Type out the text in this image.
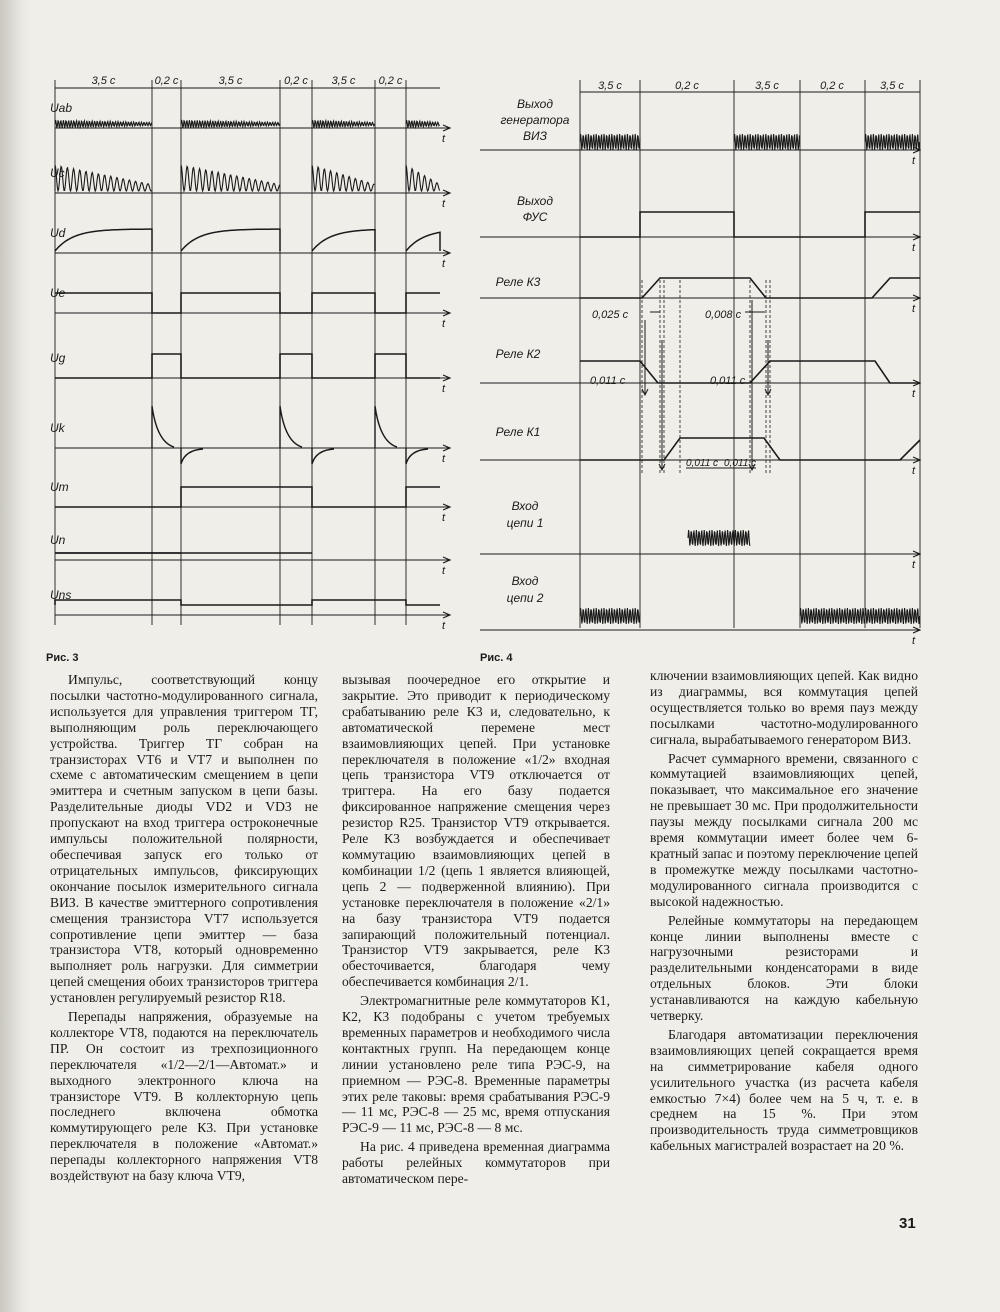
3,5 с	0,2 с	3,5 с	0,2 с 3,5 с 0,2 с
Uab
t
Uc
t
Ud
t
Ue
t
Ug
t
Uk
t
Um
t
Un
t
Uns
t
Рис. 3
3,5 с	0,2 с	3,5 с	0,2 с	3,5 с
t
t
t
t
t
t
t
Выход
генератора
ВИЗ
Выход
ФУС
Реле К3
Реле К2
Реле К1
Вход
цепи 1
Вход
цепи 2
0,025 с	0,008 с
0,011 с	0,011 с
0,011 с 0,011 с
Рис. 4

Импульс, соответствующий концу посылки частотно-модулированного сигнала, используется для управления триггером ТГ, выполняющим роль переключающего устройства. Триггер ТГ собран на транзисторах VT6 и VT7 и выполнен по схеме с автоматическим смещением в цепи эмиттера и счетным запуском в цепи базы. Разделительные диоды VD2 и VD3 не пропускают на вход триггера остроконечные импульсы положительной полярности, обеспечивая запуск его только от отрицательных импульсов, фиксирующих окончание посылок измерительного сигнала ВИЗ. В качестве эмиттерного сопротивления смещения транзистора VT7 используется сопротивление цепи эмиттер — база транзистора VT8, который одновременно выполняет роль нагрузки. Для симметрии цепей смещения обоих транзисторов триггера установлен регулируемый резистор R18.

Перепады напряжения, образуемые на коллекторе VT8, подаются на переключатель ПР. Он состоит из трехпозиционного переключателя «1/2—2/1—Автомат.» и выходного электронного ключа на транзисторе VT9. В коллекторную цепь последнего включена обмотка коммутирующего реле К3. При установке переключателя в положение «Автомат.» перепады коллекторного напряжения VT8 воздействуют на базу ключа VT9,

вызывая поочередное его открытие и закрытие. Это приводит к периодическому срабатыванию реле К3 и, следовательно, к автоматической перемене мест взаимовлияющих цепей. При установке переключателя в положение «1/2» входная цепь транзистора VT9 отключается от триггера. На его базу подается фиксированное напряжение смещения через резистор R25. Транзистор VT9 открывается. Реле К3 возбуждается и обеспечивает коммутацию взаимовлияющих цепей в комбинации 1/2 (цепь 1 является влияющей, цепь 2 — подверженной влиянию). При установке переключателя в положение «2/1» на базу транзистора VT9 подается запирающий положительный потенциал. Транзистор VT9 закрывается, реле К3 обесточивается, благодаря чему обеспечивается комбинация 2/1.

Электромагнитные реле коммутаторов К1, К2, К3 подобраны с учетом требуемых временных параметров и необходимого числа контактных групп. На передающем конце линии установлено реле типа РЭС-9, на приемном — РЭС-8. Временные параметры этих реле таковы: время срабатывания РЭС-9 — 11 мс, РЭС-8 — 25 мс, время отпускания РЭС-9 — 11 мс, РЭС-8 — 8 мс.

На рис. 4 приведена временная диаграмма работы релейных коммутаторов при автоматическом пере-

ключении взаимовлияющих цепей. Как видно из диаграммы, вся коммутация цепей осуществляется только во время пауз между посылками частотно-модулированного сигнала, вырабатываемого генератором ВИЗ.

Расчет суммарного времени, связанного с коммутацией взаимовлияющих цепей, показывает, что максимальное его значение не превышает 30 мс. При продолжительности паузы между посылками сигнала 200 мс время коммутации имеет более чем 6-кратный запас и поэтому переключение цепей в промежутке между посылками частотно-модулированного сигнала производится с высокой надежностью.

Релейные коммутаторы на передающем конце линии выполнены вместе с нагрузочными резисторами и разделительными конденсаторами в виде отдельных блоков. Эти блоки устанавливаются на каждую кабельную четверку.

Благодаря автоматизации переключения взаимовлияющих цепей сокращается время на симметрирование кабеля одного усилительного участка (из расчета кабеля емкостью 7×4) более чем на 5 ч, т. е. в среднем на 15 %. При этом производительность труда симметровщиков кабельных магистралей возрастает на 20 %.

31
